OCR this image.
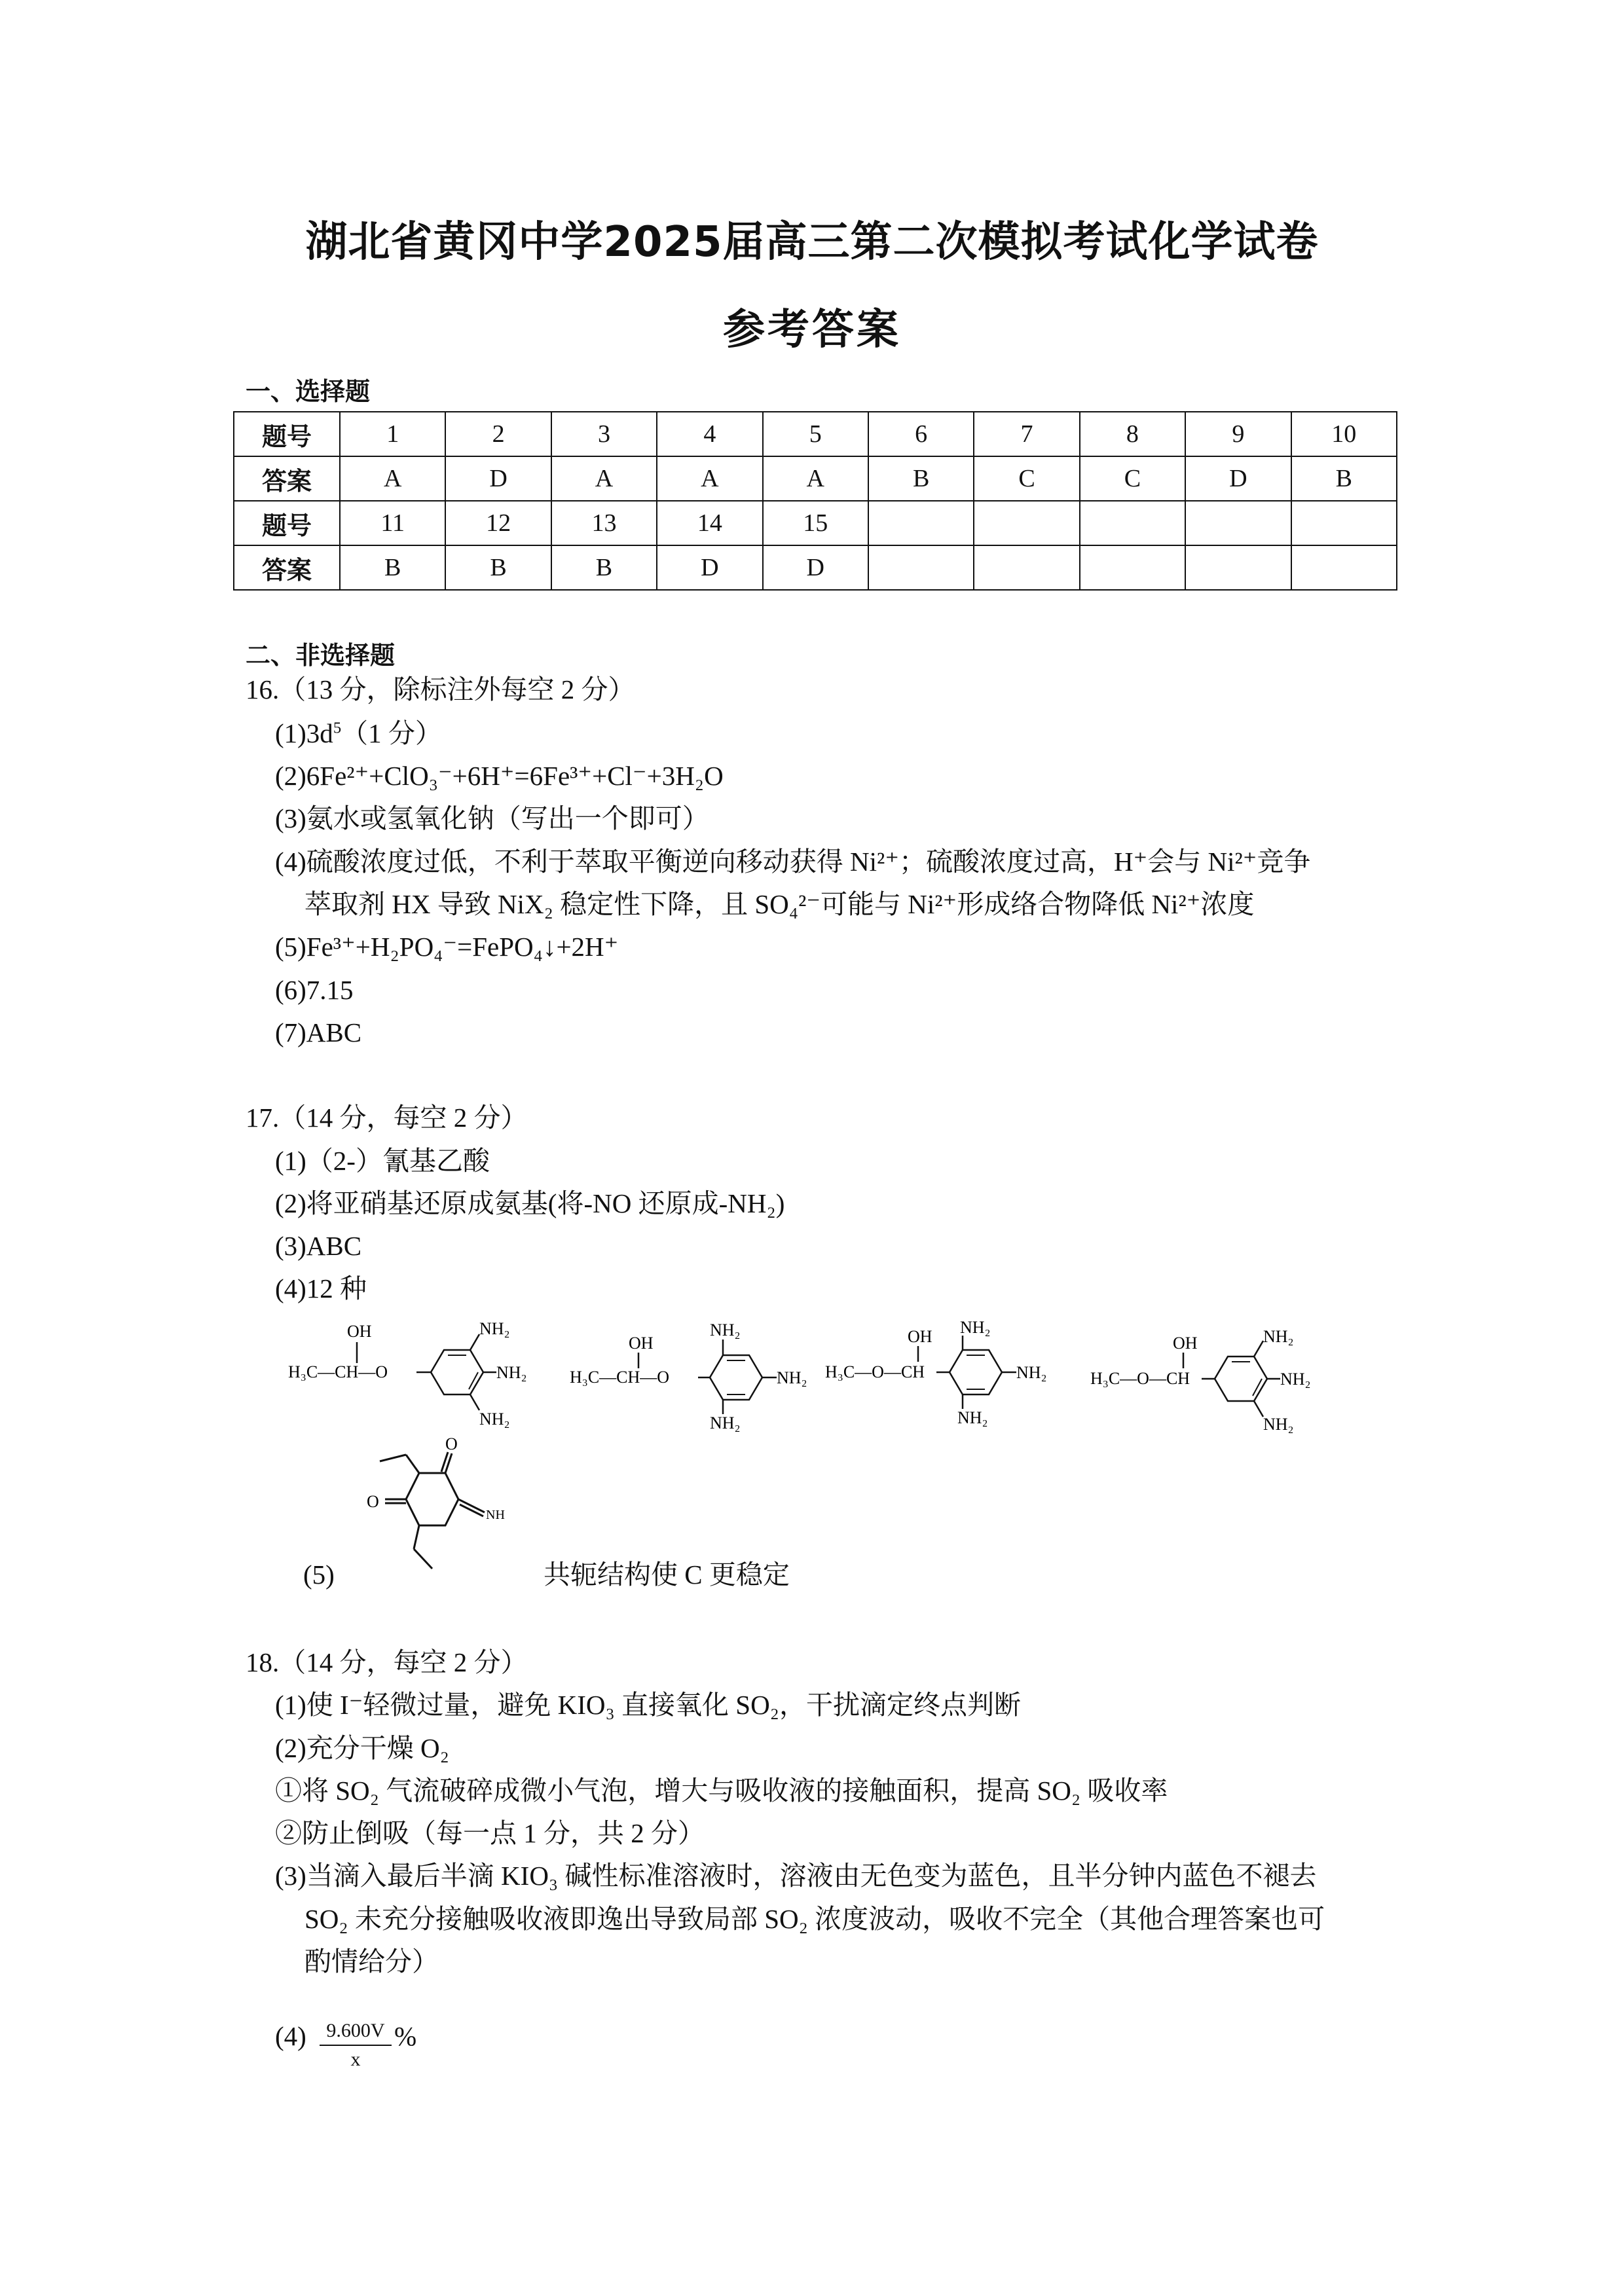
湖北省黄冈中学2025届高三第二次模拟考试化学试卷
参考答案
一、选择题
题号	1	2	3	4	5	6	7	8	9	10
答案	A	D	A	A	A	B	C	C	D	B
题号	11	12	13	14	15					
答案	B	B	B	D	D					
二、非选择题
16.（13 分，除标注外每空 2 分）
$(1)3d^5(1$ 分）
(2)6Fe²⁺+ClO₃⁻+6H⁺=6Fe³⁺+Cl⁻+3H₂O
(3)氨水或氢氧化钠（写出一个即可）
(4)硫酸浓度过低，不利于萃取平衡逆向移动获得 Ni²⁺；硫酸浓度过高，H⁺会与 Ni²⁺竞争
萃取剂 HX 导致 NiX₂ 稳定性下降，且 SO₄²⁻可能与 Ni²⁺形成络合物降低 Ni²⁺浓度
(5)Fe³⁺+H₂PO₄⁻=FePO₄↓+2H⁺
(6)7.15
(7)ABC
17.（14 分，每空 2 分）
(1)（2-）氰基乙酸
(2)将亚硝基还原成氨基(将-NO 还原成-NH₂)
(3)ABC
(4)12 种
OH
H₃C—CH—O
NH₂
NH₂
NH₂
OH
H₃C—CH—O
NH₂
NH₂
NH₂
OH
H₃C—O—CH
NH₂
NH₂
NH₂
OH
H₃C—O—CH
NH₂
NH₂
NH₂
(5)
O
O
NH
共轭结构使 C 更稳定
18.（14 分，每空 2 分）
(1)使 I⁻轻微过量，避免 KIO₃ 直接氧化 SO₂，干扰滴定终点判断
(2)充分干燥 O₂
①将 SO₂ 气流破碎成微小气泡，增大与吸收液的接触面积，提高 SO₂ 吸收率
②防止倒吸（每一点 1 分，共 2 分）
(3)当滴入最后半滴 KIO₃ 碱性标准溶液时，溶液由无色变为蓝色，且半分钟内蓝色不褪去
SO₂ 未充分接触吸收液即逸出导致局部 SO₂ 浓度波动，吸收不完全（其他合理答案也可
酌情给分）
$(4) \frac{9.600V}{x}$ %
